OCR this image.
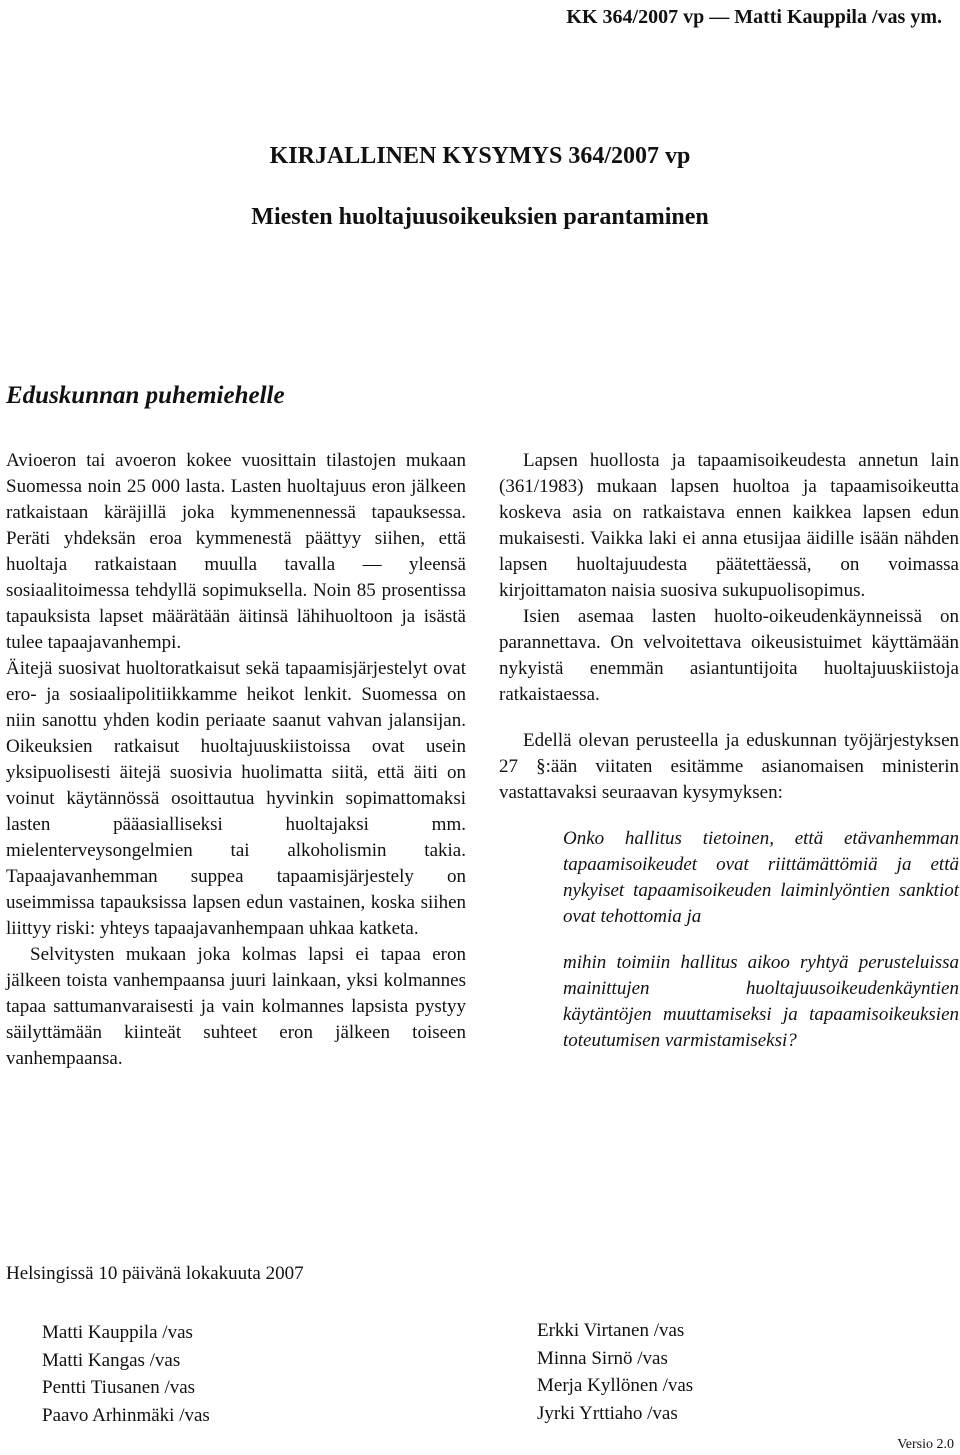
KK 364/2007 vp — Matti Kauppila /vas ym.
KIRJALLINEN KYSYMYS 364/2007 vp
Miesten huoltajuusoikeuksien parantaminen
Eduskunnan puhemiehelle

Avioeron tai avoeron kokee vuosittain tilastojen mukaan Suomessa noin 25 000 lasta. Lasten huoltajuus eron jälkeen ratkaistaan käräjillä joka kymmenennessä tapauksessa. Peräti yhdeksän eroa kymmenestä päättyy siihen, että huoltaja ratkaistaan muulla tavalla — yleensä sosiaalitoimessa tehdyllä sopimuksella. Noin 85 prosentissa tapauksista lapset määrätään äitinsä lähihuoltoon ja isästä tulee tapaajavanhempi.

Äitejä suosivat huoltoratkaisut sekä tapaamisjärjestelyt ovat ero- ja sosiaalipolitiikkamme heikot lenkit. Suomessa on niin sanottu yhden kodin periaate saanut vahvan jalansijan. Oikeuksien ratkaisut huoltajuuskiistoissa ovat usein yksipuolisesti äitejä suosivia huolimatta siitä, että äiti on voinut käytännössä osoittautua hyvinkin sopimattomaksi lasten pääasialliseksi huoltajaksi mm. mielenterveysongelmien tai alkoholismin takia. Tapaajavanhemman suppea tapaamisjärjestely on useimmissa tapauksissa lapsen edun vastainen, koska siihen liittyy riski: yhteys tapaajavanhempaan uhkaa katketa.

Selvitysten mukaan joka kolmas lapsi ei tapaa eron jälkeen toista vanhempaansa juuri lainkaan, yksi kolmannes tapaa sattumanvaraisesti ja vain kolmannes lapsista pystyy säilyttämään kiinteät suhteet eron jälkeen toiseen vanhempaansa.

Lapsen huollosta ja tapaamisoikeudesta annetun lain (361/1983) mukaan lapsen huoltoa ja tapaamisoikeutta koskeva asia on ratkaistava ennen kaikkea lapsen edun mukaisesti. Vaikka laki ei anna etusijaa äidille isään nähden lapsen huoltajuudesta päätettäessä, on voimassa kirjoittamaton naisia suosiva sukupuolisopimus.

Isien asemaa lasten huolto-oikeudenkäynneissä on parannettava. On velvoitettava oikeusistuimet käyttämään nykyistä enemmän asiantuntijoita huoltajuuskiistoja ratkaistaessa.

Edellä olevan perusteella ja eduskunnan työjärjestyksen 27 §:ään viitaten esitämme asianomaisen ministerin vastattavaksi seuraavan kysymyksen:

Onko hallitus tietoinen, että etävanhemman tapaamisoikeudet ovat riittämättömiä ja että nykyiset tapaamisoikeuden laiminlyöntien sanktiot ovat tehottomia ja

mihin toimiin hallitus aikoo ryhtyä perusteluissa mainittujen huoltajuusoikeudenkäyntien käytäntöjen muuttamiseksi ja tapaamisoikeuksien toteutumisen varmistamiseksi?

Helsingissä 10 päivänä lokakuuta 2007
Matti Kauppila /vas
Matti Kangas /vas
Pentti Tiusanen /vas
Paavo Arhinmäki /vas
Erkki Virtanen /vas
Minna Sirnö /vas
Merja Kyllönen /vas
Jyrki Yrttiaho /vas
Versio 2.0
